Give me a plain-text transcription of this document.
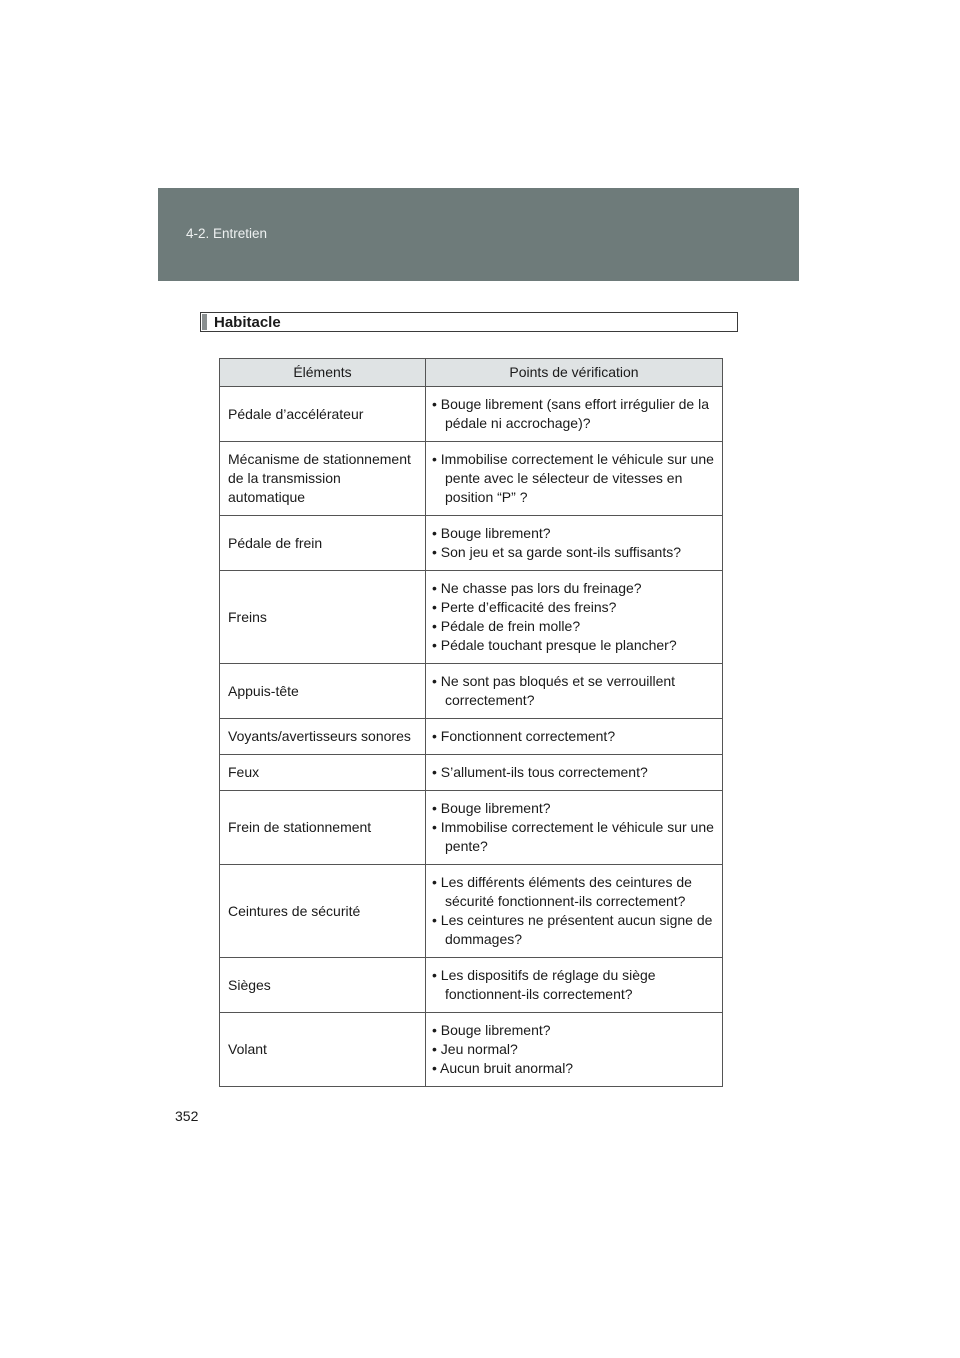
4-2. Entretien
Habitacle
Éléments	Points de vérification
Pédale d’accélérateur	• Bouge librement (sans effort irrégulier de la pédale ni accrochage)?

Mécanisme de stationnement de la transmission automatique	• Immobilise correctement le véhicule sur une pente avec le sélecteur de vitesses en position “P” ?

Pédale de frein	• Bouge librement?
• Son jeu et sa garde sont-ils suffisants?

Freins	• Ne chasse pas lors du freinage?
• Perte d’efficacité des freins?
• Pédale de frein molle?
• Pédale touchant presque le plancher?

Appuis-tête	• Ne sont pas bloqués et se verrouillent correctement?

Voyants/avertisseurs sonores	• Fonctionnent correctement?

Feux	• S’allument-ils tous correctement?

Frein de stationnement	• Bouge librement?
• Immobilise correctement le véhicule sur une pente?

Ceintures de sécurité	• Les différents éléments des ceintures de sécurité fonctionnent-ils correctement?
• Les ceintures ne présentent aucun signe de dommages?

Sièges	• Les dispositifs de réglage du siège fonctionnent-ils correctement?

Volant	• Bouge librement?
• Jeu normal?
• Aucun bruit anormal?
352
